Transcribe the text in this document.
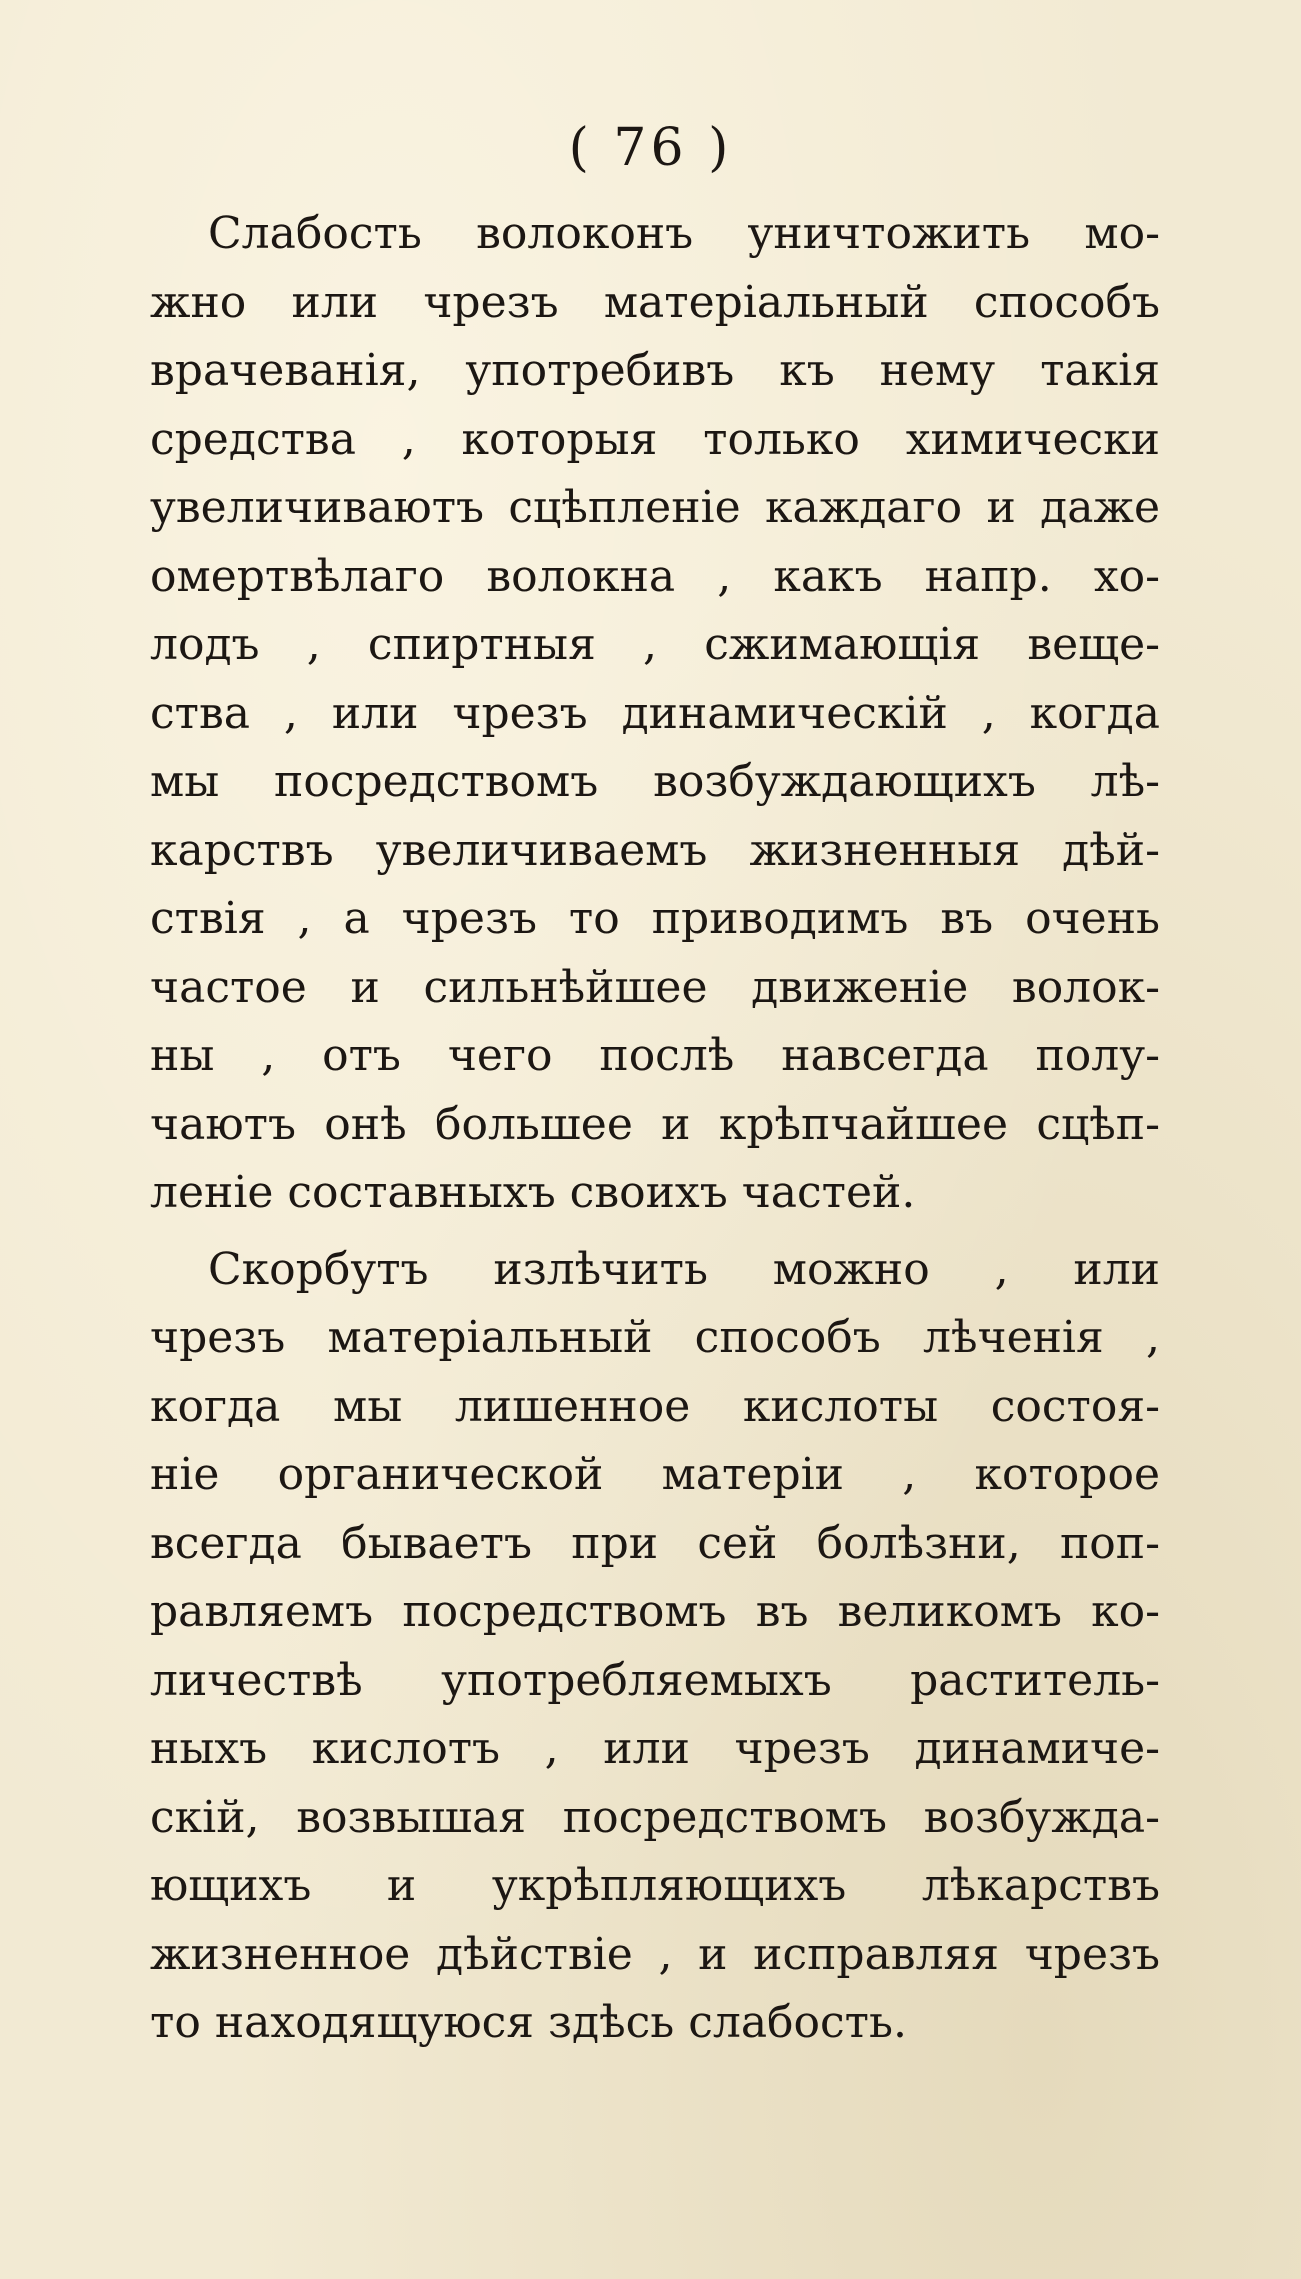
( 76 )
Слабость волоконъ уничтожить мо-
жно или чрезъ матеріальный способъ
врачеванія, употребивъ къ нему такія
средства , которыя только химически
увеличиваютъ сцѣпленіе каждаго и даже
омертвѣлаго волокна , какъ напр. хо-
лодъ , спиртныя , сжимающія веще-
ства , или чрезъ динамическій , когда
мы посредствомъ возбуждающихъ лѣ-
карствъ увеличиваемъ жизненныя дѣй-
ствія , а чрезъ то приводимъ въ очень
частое и сильнѣйшее движеніе волок-
ны , отъ чего послѣ навсегда полу-
чаютъ онѣ большее и крѣпчайшее сцѣп-
леніе составныхъ своихъ частей.
Скорбутъ излѣчить можно , или
чрезъ матеріальный способъ лѣченія ,
когда мы лишенное кислоты состоя-
ніе органической матеріи , которое
всегда бываетъ при сей болѣзни, поп-
равляемъ посредствомъ въ великомъ ко-
личествѣ употребляемыхъ раститель-
ныхъ кислотъ , или чрезъ динамиче-
скій, возвышая посредствомъ возбужда-
ющихъ и укрѣпляющихъ лѣкарствъ
жизненное дѣйствіе , и исправляя чрезъ
то находящуюся здѣсь слабость.
